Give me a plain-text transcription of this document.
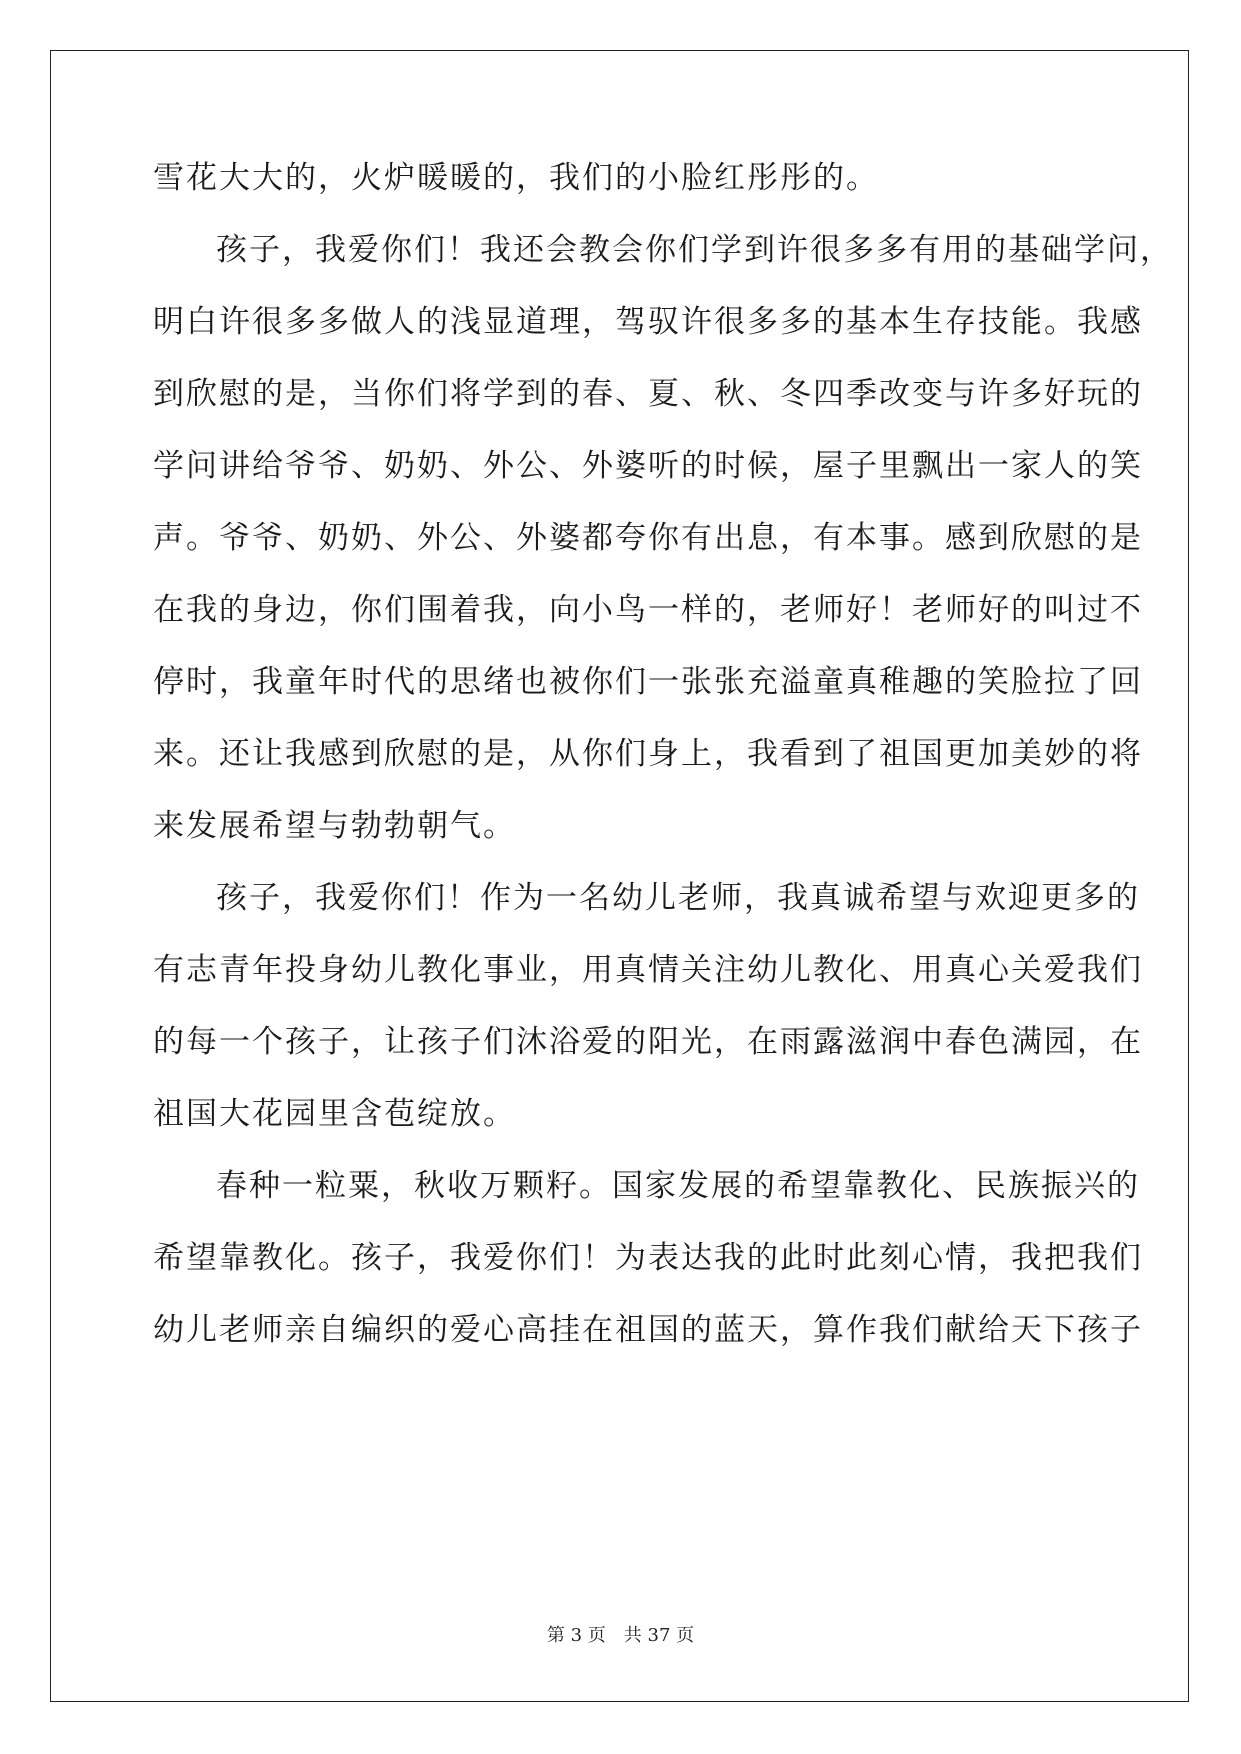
雪花大大的，火炉暖暖的，我们的小脸红彤彤的。
孩子，我爱你们！我还会教会你们学到许很多多有用的基础学问，
明白许很多多做人的浅显道理，驾驭许很多多的基本生存技能。我感
到欣慰的是，当你们将学到的春、夏、秋、冬四季改变与许多好玩的
学问讲给爷爷、奶奶、外公、外婆听的时候，屋子里飘出一家人的笑
声。爷爷、奶奶、外公、外婆都夸你有出息，有本事。感到欣慰的是
在我的身边，你们围着我，向小鸟一样的，老师好！老师好的叫过不
停时，我童年时代的思绪也被你们一张张充溢童真稚趣的笑脸拉了回
来。还让我感到欣慰的是，从你们身上，我看到了祖国更加美妙的将
来发展希望与勃勃朝气。
孩子，我爱你们！作为一名幼儿老师，我真诚希望与欢迎更多的
有志青年投身幼儿教化事业，用真情关注幼儿教化、用真心关爱我们
的每一个孩子，让孩子们沐浴爱的阳光，在雨露滋润中春色满园，在
祖国大花园里含苞绽放。
春种一粒粟，秋收万颗籽。国家发展的希望靠教化、民族振兴的
希望靠教化。孩子，我爱你们！为表达我的此时此刻心情，我把我们
幼儿老师亲自编织的爱心高挂在祖国的蓝天，算作我们献给天下孩子
第 3 页 共 37 页
